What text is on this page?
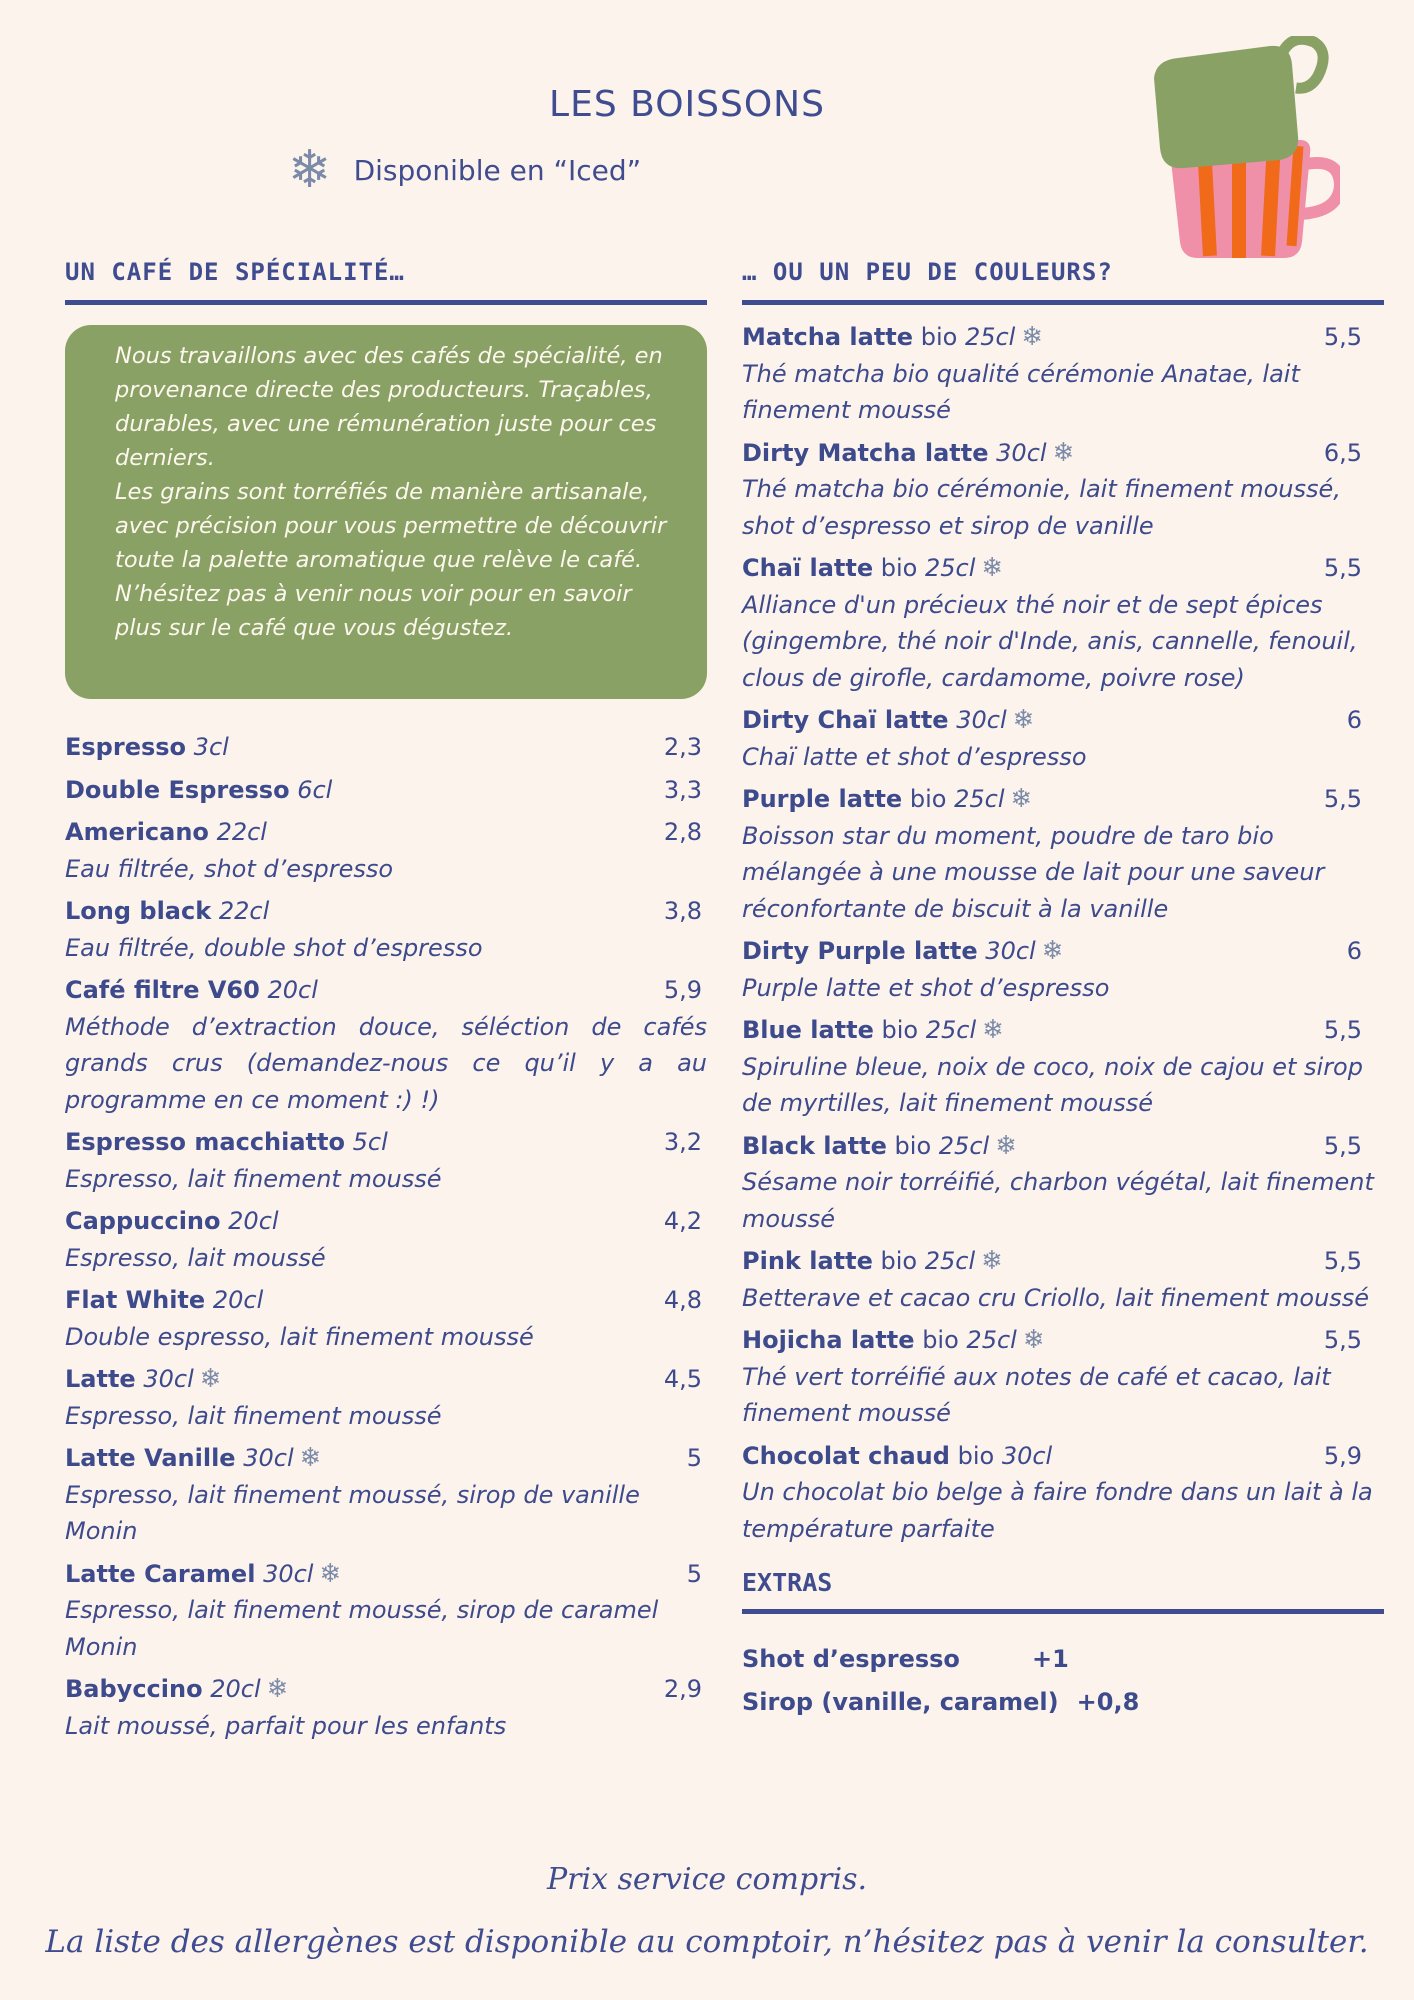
LES BOISSONS
❄ Disponible en “Iced”
UN CAFÉ DE SPÉCIALITÉ…

Nous travaillons avec des cafés de spécialité, en provenance directe des producteurs. Traçables, durables, avec une rémunération juste pour ces derniers.

Les grains sont torréfiés de manière artisanale, avec précision pour vous permettre de découvrir toute la palette aromatique que relève le café.

N’hésitez pas à venir nous voir pour en savoir plus sur le café que vous dégustez.

Espresso 3cl	2,3
Double Espresso 6cl	3,3
Americano 22cl	2,8
Eau filtrée, shot d’espresso
Long black 22cl	3,8
Eau filtrée, double shot d’espresso
Café filtre V60 20cl	5,9
Méthode d’extraction douce, séléction de cafés grands crus (demandez-nous ce qu’il y a au programme en ce moment :) !)
Espresso macchiatto 5cl	3,2
Espresso, lait finement moussé
Cappuccino 20cl	4,2
Espresso, lait moussé
Flat White 20cl	4,8
Double espresso, lait finement moussé
Latte 30cl ❄	4,5
Espresso, lait finement moussé
Latte Vanille 30cl ❄	5
Espresso, lait finement moussé, sirop de vanille Monin
Latte Caramel 30cl ❄	5
Espresso, lait finement moussé, sirop de caramel Monin
Babyccino 20cl ❄	2,9
Lait moussé, parfait pour les enfants
… OU UN PEU DE COULEURS?
Matcha latte bio 25cl ❄	5,5
Thé matcha bio qualité cérémonie Anatae, lait finement moussé
Dirty Matcha latte 30cl ❄	6,5
Thé matcha bio cérémonie, lait finement moussé, shot d’espresso et sirop de vanille
Chaï latte bio 25cl ❄	5,5
Alliance d'un précieux thé noir et de sept épices (gingembre, thé noir d'Inde, anis, cannelle, fenouil, clous de girofle, cardamome, poivre rose)
Dirty Chaï latte 30cl ❄	6
Chaï latte et shot d’espresso
Purple latte bio 25cl ❄	5,5
Boisson star du moment, poudre de taro bio mélangée à une mousse de lait pour une saveur réconfortante de biscuit à la vanille
Dirty Purple latte 30cl ❄	6
Purple latte et shot d’espresso
Blue latte bio 25cl ❄	5,5
Spiruline bleue, noix de coco, noix de cajou et sirop de myrtilles, lait finement moussé
Black latte bio 25cl ❄	5,5
Sésame noir torréifié, charbon végétal, lait finement moussé
Pink latte bio 25cl ❄	5,5
Betterave et cacao cru Criollo, lait finement moussé
Hojicha latte bio 25cl ❄	5,5
Thé vert torréifié aux notes de café et cacao, lait finement moussé
Chocolat chaud bio 30cl	5,9
Un chocolat bio belge à faire fondre dans un lait à la température parfaite
EXTRAS
Shot d’espresso	+1
Sirop (vanille, caramel) +0,8
Prix service compris.
La liste des allergènes est disponible au comptoir, n’hésitez pas à venir la consulter.
